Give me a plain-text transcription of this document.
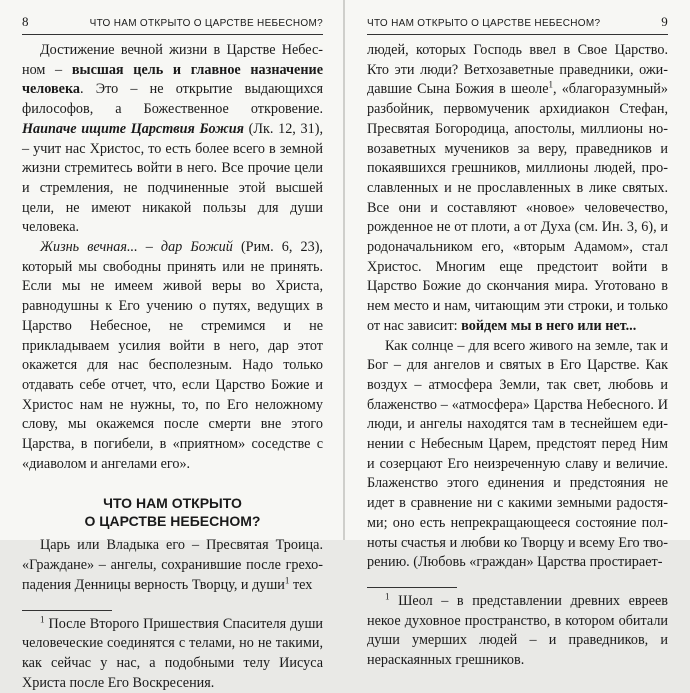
8	ЧТО НАМ ОТКРЫТО О ЦАРСТВЕ НЕБЕСНОМ?

Достижение вечной жизни в Царстве Небесном – высшая цель и главное назначение человека. Это – не открытие выдающихся философов, а Божественное откровение. Наипаче ищите Царствия Божия (Лк. 12, 31), – учит нас Христос, то есть более всего в земной жизни стремитесь войти в него. Все прочие цели и стремления, не подчиненные этой высшей цели, не имеют никакой пользы для души человека.

Жизнь вечная... – дар Божий (Рим. 6, 23), который мы свободны принять или не принять. Если мы не имеем живой веры во Христа, равнодушны к Его учению о путях, ведущих в Царство Небесное, не стремимся и не прикладываем усилия войти в него, дар этот окажется для нас бесполезным. Надо только отдавать себе отчет, что, если Царство Божие и Христос нам не нужны, то, по Его неложному слову, мы окажемся после смерти вне этого Царства, в погибели, в «приятном» соседстве с «диаволом и ангелами его».

ЧТО НАМ ОТКРЫТО
О ЦАРСТВЕ НЕБЕСНОМ?

Царь или Владыка его – Пресвятая Троица. «Граждане» – ангелы, сохранившие после грехопадения Денницы верность Творцу, и души$^1$ тех

$^1$ После Второго Пришествия Спасителя души человеческие соединятся с телами, но не такими, как сейчас у нас, а подобными телу Иисуса Христа после Его Воскресения.

ЧТО НАМ ОТКРЫТО О ЦАРСТВЕ НЕБЕСНОМ?	9

людей, которых Господь ввел в Свое Царство. Кто эти люди? Ветхозаветные праведники, ожидавшие Сына Божия в шеоле$^1$, «благоразумный» разбойник, первомученик архидиакон Стефан, Пресвятая Богородица, апостолы, миллионы новозаветных мучеников за веру, праведников и покаявшихся грешников, миллионы людей, прославленных и не прославленных в лике святых. Все они и составляют «новое» человечество, рожденное не от плоти, а от Духа (см. Ин. 3, 6), и родоначальником его, «вторым Адамом», стал Христос. Многим еще предстоит войти в Царство Божие до скончания мира. Уготовано в нем место и нам, читающим эти строки, и только от нас зависит: войдем мы в него или нет...

Как солнце – для всего живого на земле, так и Бог – для ангелов и святых в Его Царстве. Как воздух – атмосфера Земли, так свет, любовь и блаженство – «атмосфера» Царства Небесного. И люди, и ангелы находятся там в теснейшем единении с Небесным Царем, предстоят перед Ним и созерцают Его неизреченную славу и величие. Блаженство этого единения и предстояния не идет в сравнение ни с какими земными радостями; оно есть непрекращающееся состояние полноты счастья и любви ко Творцу и всему Его творению. (Любовь «граждан» Царства простирает-

$^1$ Шеол – в представлении древних евреев некое духовное пространство, в котором обитали души умерших людей – и праведников, и нераскаянных грешников.
